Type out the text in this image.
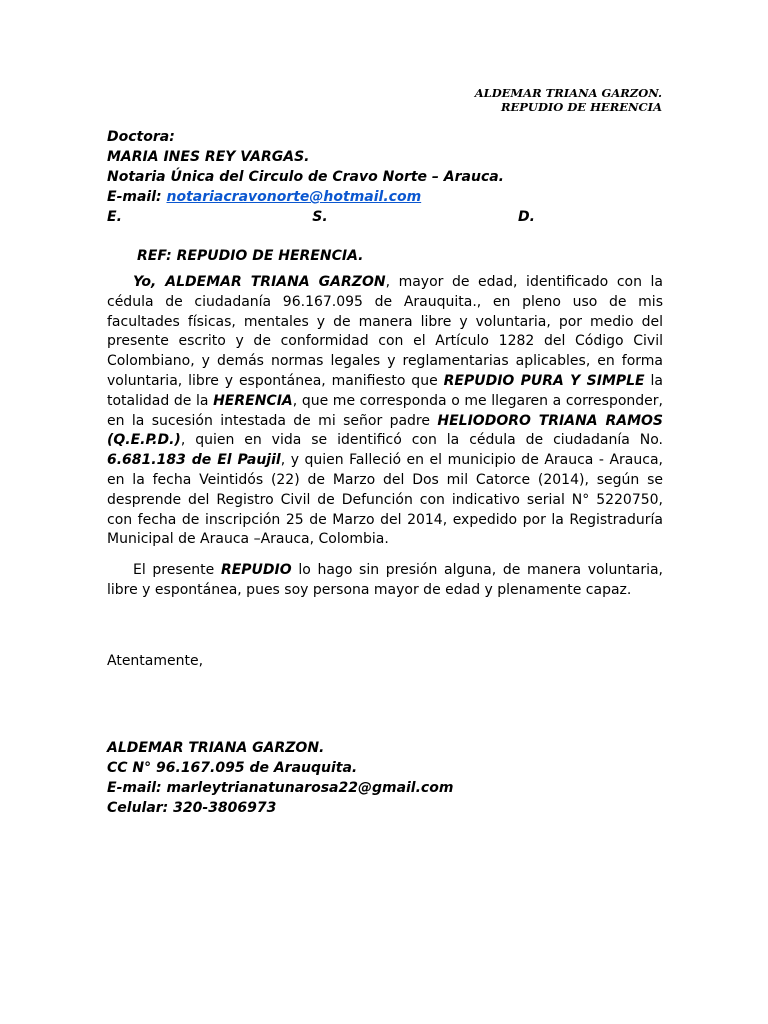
ALDEMAR TRIANA GARZON.
REPUDIO DE HERENCIA
Doctora:
MARIA INES REY VARGAS.
Notaria Única del Circulo de Cravo Norte – Arauca.
E-mail: notariacravonorte@hotmail.com
E.	S.	D.
REF: REPUDIO DE HERENCIA.

Yo, ALDEMAR TRIANA GARZON, mayor de edad, identificado con la cédula de ciudadanía 96.167.095 de Arauquita., en pleno uso de mis facultades físicas, mentales y de manera libre y voluntaria, por medio del presente escrito y de conformidad con el Artículo 1282 del Código Civil Colombiano, y demás normas legales y reglamentarias aplicables, en forma voluntaria, libre y espontánea, manifiesto que REPUDIO PURA Y SIMPLE la totalidad de la HERENCIA, que me corresponda o me llegaren a corresponder, en la sucesión intestada de mi señor padre HELIODORO TRIANA RAMOS (Q.E.P.D.), quien en vida se identificó con la cédula de ciudadanía No. 6.681.183 de El Paujil, y quien Falleció en el municipio de Arauca - Arauca, en la fecha Veintidós (22) de Marzo del Dos mil Catorce (2014), según se desprende del Registro Civil de Defunción con indicativo serial N° 5220750, con fecha de inscripción 25 de Marzo del 2014, expedido por la Registraduría Municipal de Arauca –Arauca, Colombia.

El presente REPUDIO lo hago sin presión alguna, de manera voluntaria, libre y espontánea, pues soy persona mayor de edad y plenamente capaz.

Atentamente,
ALDEMAR TRIANA GARZON.
CC N° 96.167.095 de Arauquita.
E-mail: marleytrianatunarosa22@gmail.com
Celular: 320-3806973
